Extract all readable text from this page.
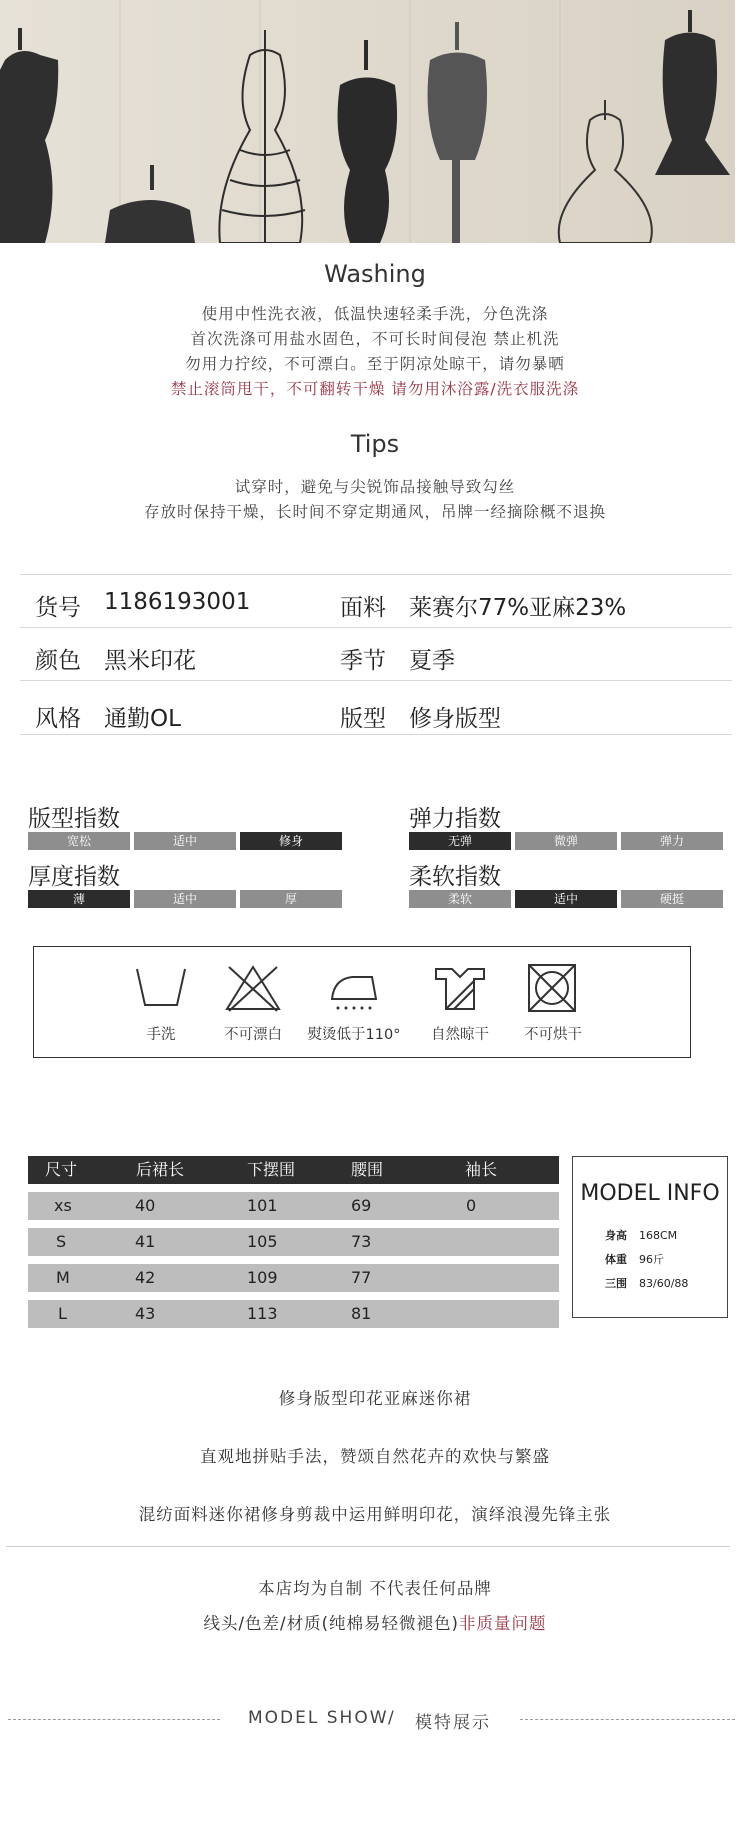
Washing
使用中性洗衣液，低温快速轻柔手洗，分色洗涤
首次洗涤可用盐水固色，不可长时间侵泡 禁止机洗
勿用力拧绞，不可漂白。至于阴凉处晾干，请勿暴晒
禁止滚筒甩干，不可翻转干燥 请勿用沐浴露/洗衣服洗涤
Tips
试穿时，避免与尖锐饰品接触导致勾丝
存放时保持干燥，长时间不穿定期通风，吊牌一经摘除概不退换
货号 1186193001	面料 莱赛尔77%亚麻23%
颜色 黑米印花	季节 夏季
风格 通勤OL	版型 修身版型
版型指数
宽松	适中	修身
弹力指数
无弹	微弹	弹力
厚度指数
薄	适中	厚
柔软指数
柔软	适中	硬挺
手洗	不可漂白	熨烫低于110°	自然晾干	不可烘干
尺寸	后裙长	下摆围	腰围	袖长
xs	40	101	69	0
S	41	105	73
M	42	109	77
L	43	113	81
MODEL INFO
身高 168CM
体重 96斤
三围 83/60/88
修身版型印花亚麻迷你裙
直观地拼贴手法，赞颂自然花卉的欢快与繁盛
混纺面料迷你裙修身剪裁中运用鲜明印花，演绎浪漫先锋主张
本店均为自制 不代表任何品牌
线头/色差/材质(纯棉易轻微褪色)非质量问题
MODEL SHOW / 模特展示
